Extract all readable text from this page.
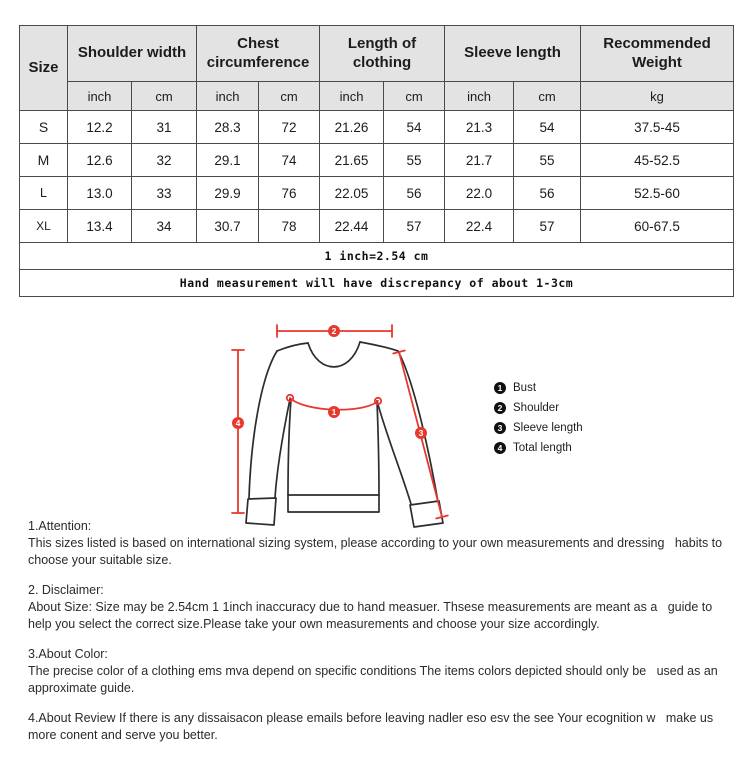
Size	Shoulder width		Chest circumference		Length of clothing		Sleeve length		Recommended Weight
	inch	cm	inch	cm	inch	cm	inch	cm	kg
S	12.2	31	28.3	72	21.26	54	21.3	54	37.5-45
M	12.6	32	29.1	74	21.65	55	21.7	55	45-52.5
L	13.0	33	29.9	76	22.05	56	22.0	56	52.5-60
XL	13.4	34	30.7	78	22.44	57	22.4	57	60-67.5
1 inch=2.54 cm									
Hand measurement will have discrepancy of about 1-3cm									
2
1
3
4
1 Bust
2 Shoulder
3 Sleeve length
4 Total length
1.Attention:
This sizes listed is based on international sizing system, please according to your own measurements and dressing   habits to choose your suitable size.
2. Disclaimer:
About Size: Size may be 2.54cm 1 1inch inaccuracy due to hand measuer. Thsese measurements are meant as a   guide to help you select the correct size.Please take your own measurements and choose your size accordingly.
3.About Color:
The precise color of a clothing ems mva depend on specific conditions The items colors depicted should only be   used as an approximate guide.
4.About Review If there is any dissaisacon please emails before leaving nadler eso esv the see Your ecognition w   make us more conent and serve you better.
